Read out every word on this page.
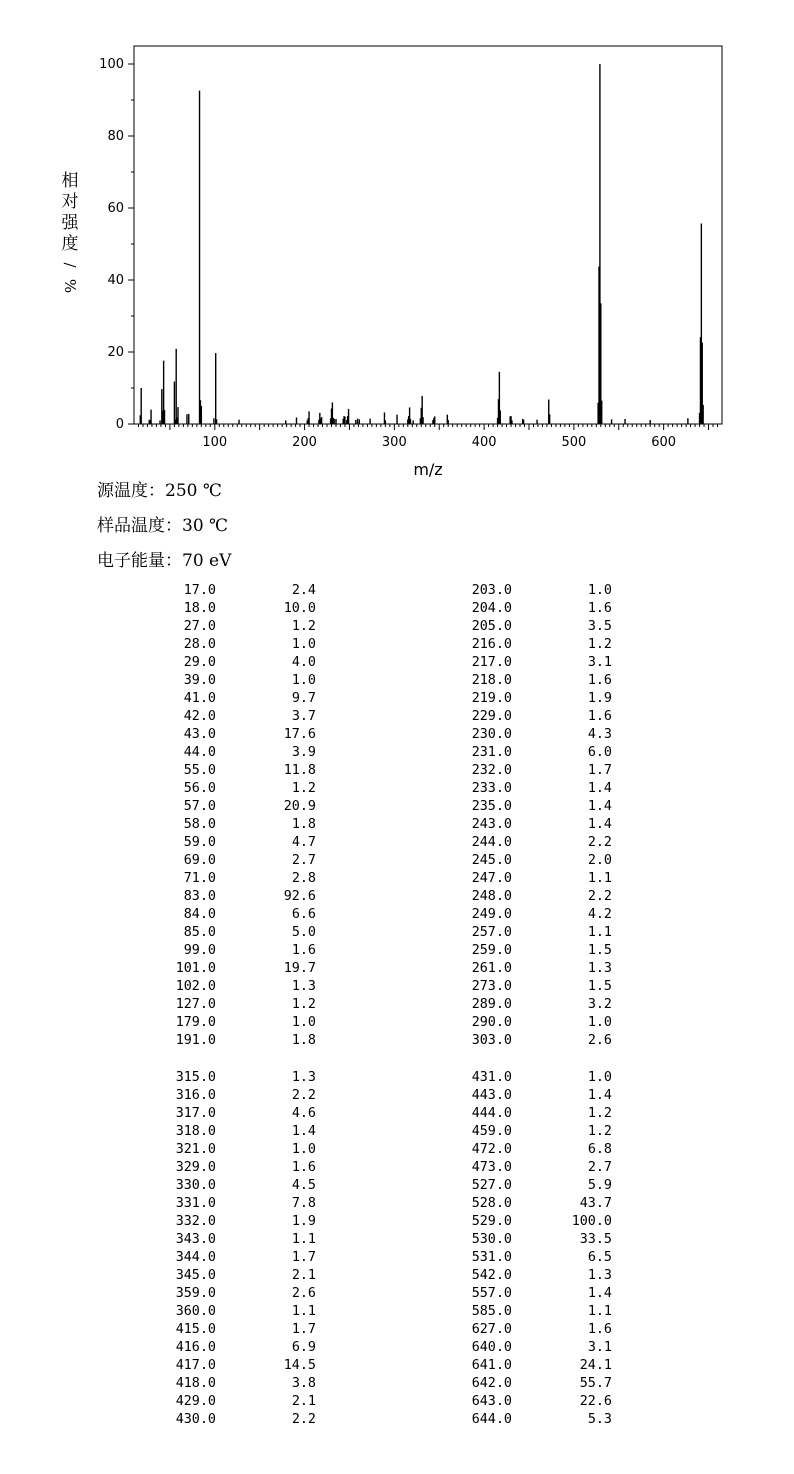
0
20
40
60
80
100
100	200	300	400	500	600
相
对
强
度
/
%
m/z
源温度：250 ℃
样品温度：30 ℃
电子能量：70 eV
17.0	2.4
18.0	10.0
27.0	1.2
28.0	1.0
29.0	4.0
39.0	1.0
41.0	9.7
42.0	3.7
43.0	17.6
44.0	3.9
55.0	11.8
56.0	1.2
57.0	20.9
58.0	1.8
59.0	4.7
69.0	2.7
71.0	2.8
83.0	92.6
84.0	6.6
85.0	5.0
99.0	1.6
101.0	19.7
102.0	1.3
127.0	1.2
179.0	1.0
191.0	1.8
203.0	1.0
204.0	1.6
205.0	3.5
216.0	1.2
217.0	3.1
218.0	1.6
219.0	1.9
229.0	1.6
230.0	4.3
231.0	6.0
232.0	1.7
233.0	1.4
235.0	1.4
243.0	1.4
244.0	2.2
245.0	2.0
247.0	1.1
248.0	2.2
249.0	4.2
257.0	1.1
259.0	1.5
261.0	1.3
273.0	1.5
289.0	3.2
290.0	1.0
303.0	2.6
315.0	1.3
316.0	2.2
317.0	4.6
318.0	1.4
321.0	1.0
329.0	1.6
330.0	4.5
331.0	7.8
332.0	1.9
343.0	1.1
344.0	1.7
345.0	2.1
359.0	2.6
360.0	1.1
415.0	1.7
416.0	6.9
417.0	14.5
418.0	3.8
429.0	2.1
430.0	2.2
431.0	1.0
443.0	1.4
444.0	1.2
459.0	1.2
472.0	6.8
473.0	2.7
527.0	5.9
528.0	43.7
529.0	100.0
530.0	33.5
531.0	6.5
542.0	1.3
557.0	1.4
585.0	1.1
627.0	1.6
640.0	3.1
641.0	24.1
642.0	55.7
643.0	22.6
644.0	5.3
